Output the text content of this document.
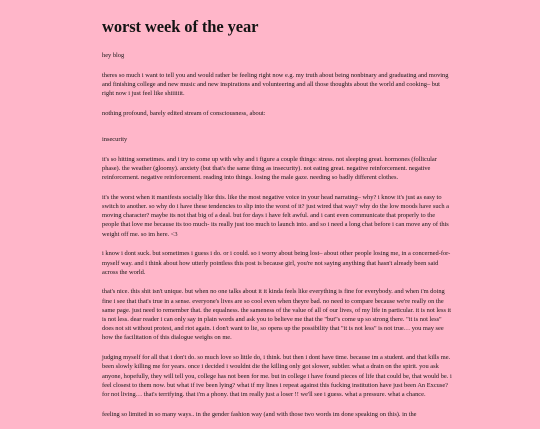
worst week of the year

hey blog

theres so much i want to tell you and would rather be feeling right now e.g. my truth about being nonbinary and graduating and moving and finishing college and new music and new inspirations and volunteering and all those thoughts about the world and cooking– but right now i just feel like shiiiiiit.

nothing profound, barely edited stream of consciousness, about:

insecurity

it's so hitting sometimes. and i try to come up with why and i figure a couple things: stress. not sleeping great. hormones (follicular phase). the weather (gloomy). anxiety (but that's the same thing as insecurity). not eating great. negative reinforcement. negative reinforcement. negative reinforcement. reading into things. losing the male gaze. needing so badly different clothes.

it's the worst when it manifests socially like this. like the most negative voice in your head narrating– why? i know it's just as easy to switch to another. so why do i have these tendencies to slip into the worst of it? just wired that way? why do the low moods have such a moving character? maybe its not that big of a deal. but for days i have felt awful. and i cant even communicate that properly to the people that love me because its too much- its really just too much to launch into. and so i need a long chat before i can move any of this weight off me. so im here. <3

i know i dont suck. but sometimes i guess i do. or i could. so i worry about being lost– about other people losing me, in a concerned-for-myself way. and i think about how utterly pointless this post is because girl, you're not saying anything that hasn't already been said across the world.

that's nice. this shit isn't unique. but when no one talks about it it kinda feels like everything is fine for everybody. and when i'm doing fine i see that that's true in a sense. everyone's lives are so cool even when theyre bad. no need to compare because we're really on the same page. just need to remember that. the equalness. the sameness of the value of all of our lives, of my life in particular. it is not less it is not less. dear reader i can only say in plain words and ask you to believe me that the "but"s come up so strong there. "it is not less" does not sit without protest, and riot again. i don't want to lie, so opens up the possibility that "it is not less" is not true… you may see how the facilitation of this dialogue weighs on me.

judging myself for all that i don't do. so much love so little do, i think. but then i dont have time. because im a student. and that kills me. been slowly killing me for years. once i decided i wouldnt die the killing only got slower, subtler. what a drain on the spirit. you ask anyone, hopefully, they will tell you, college has not been for me. but in college i have found pieces of life that could be, that would be. i feel closest to them now. but what if ive been lying? what if my lines i repeat against this fucking institution have just been An Excuse? for not living… that's terrifying. that i'm a phony. that im really just a loser !! we'll see i guess. what a pressure. what a chance.

feeling so limited in so many ways.. in the gender fashion way (and with those two words im done speaking on this). in the
